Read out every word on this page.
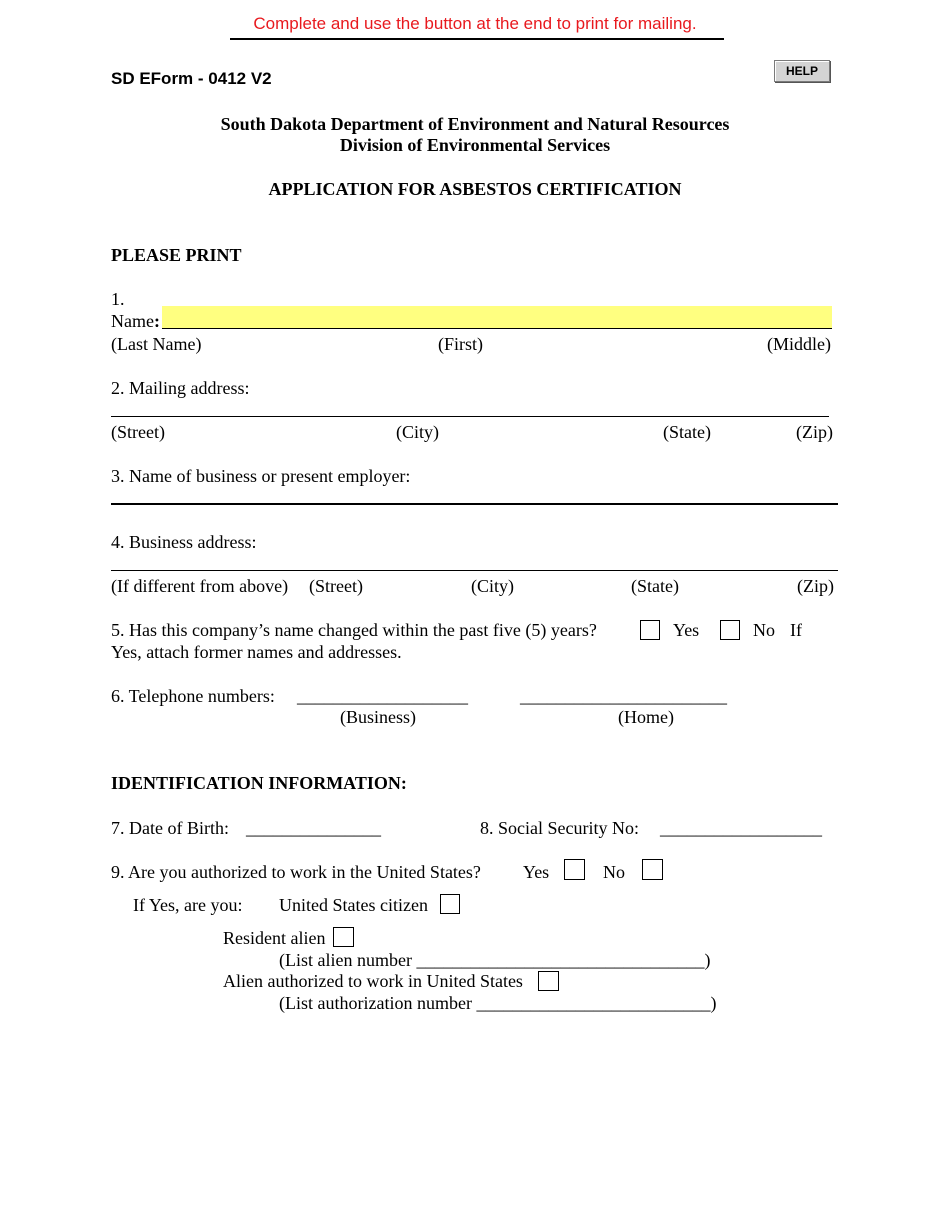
Complete and use the button at the end to print for mailing.
SD EForm - 0412 V2	HELP
South Dakota Department of Environment and Natural Resources
Division of Environmental Services
APPLICATION FOR ASBESTOS CERTIFICATION
PLEASE PRINT
1.
Name:
(Last Name)	(First)	(Middle)
2. Mailing address:
(Street)	(City)	(State)	(Zip)
3. Name of business or present employer:
4. Business address:
(If different from above) (Street)	(City)	(State)	(Zip)
5. Has this company’s name changed within the past five (5) years?	Yes	No If
Yes, attach former names and addresses.
6. Telephone numbers: ___________________	_______________________
(Business)	(Home)
IDENTIFICATION INFORMATION:
7. Date of Birth: _______________	8. Social Security No: __________________
9. Are you authorized to work in the United States? Yes	No
If Yes, are you: United States citizen
Resident alien
(List alien number ________________________________)
Alien authorized to work in United States
(List authorization number __________________________)
